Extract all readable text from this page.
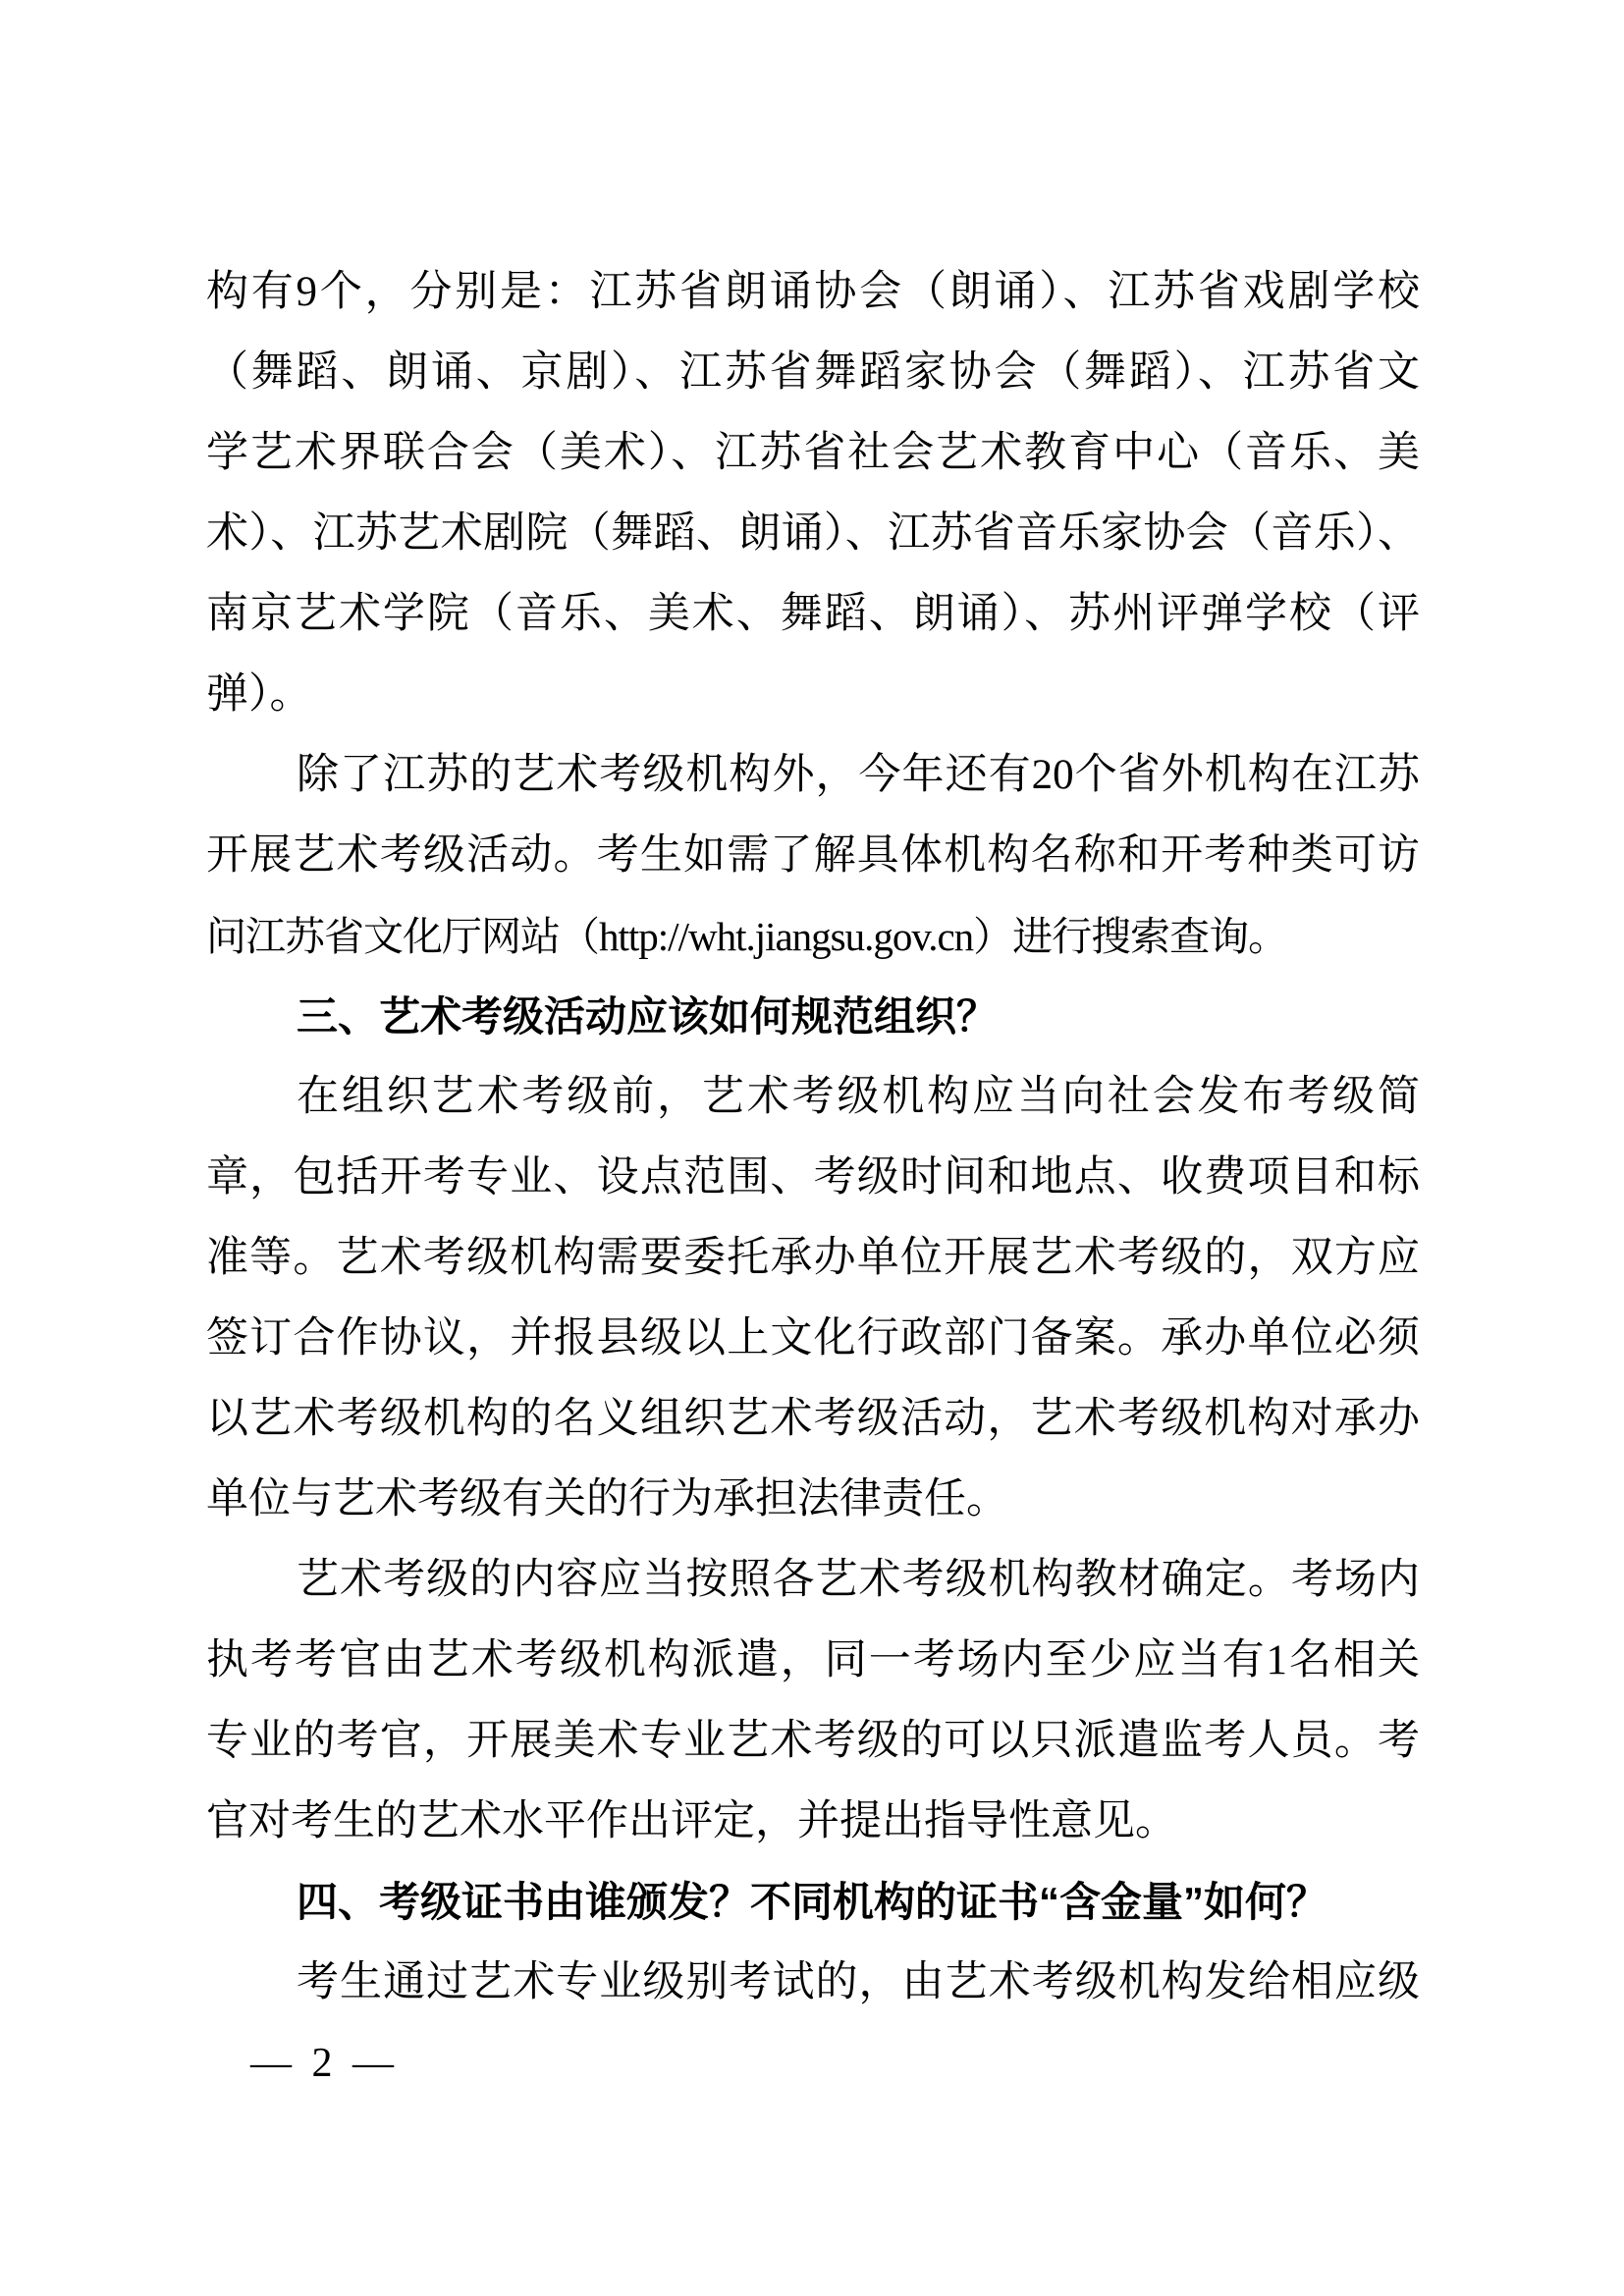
构有9个，分别是：江苏省朗诵协会（朗诵）、江苏省戏剧学校
（舞蹈、朗诵、京剧）、江苏省舞蹈家协会（舞蹈）、江苏省文
学艺术界联合会（美术）、江苏省社会艺术教育中心（音乐、美
术）、江苏艺术剧院（舞蹈、朗诵）、江苏省音乐家协会（音乐）、
南京艺术学院（音乐、美术、舞蹈、朗诵）、苏州评弹学校（评
弹）。
除了江苏的艺术考级机构外，今年还有20个省外机构在江苏
开展艺术考级活动。考生如需了解具体机构名称和开考种类可访
问江苏省文化厅网站（http://wht.jiangsu.gov.cn）进行搜索查询。
三、艺术考级活动应该如何规范组织？
在组织艺术考级前，艺术考级机构应当向社会发布考级简
章，包括开考专业、设点范围、考级时间和地点、收费项目和标
准等。艺术考级机构需要委托承办单位开展艺术考级的，双方应
签订合作协议，并报县级以上文化行政部门备案。承办单位必须
以艺术考级机构的名义组织艺术考级活动，艺术考级机构对承办
单位与艺术考级有关的行为承担法律责任。
艺术考级的内容应当按照各艺术考级机构教材确定。考场内
执考考官由艺术考级机构派遣，同一考场内至少应当有1名相关
专业的考官，开展美术专业艺术考级的可以只派遣监考人员。考
官对考生的艺术水平作出评定，并提出指导性意见。
四、考级证书由谁颁发？不同机构的证书“含金量”如何？
考生通过艺术专业级别考试的，由艺术考级机构发给相应级
— 2 —
